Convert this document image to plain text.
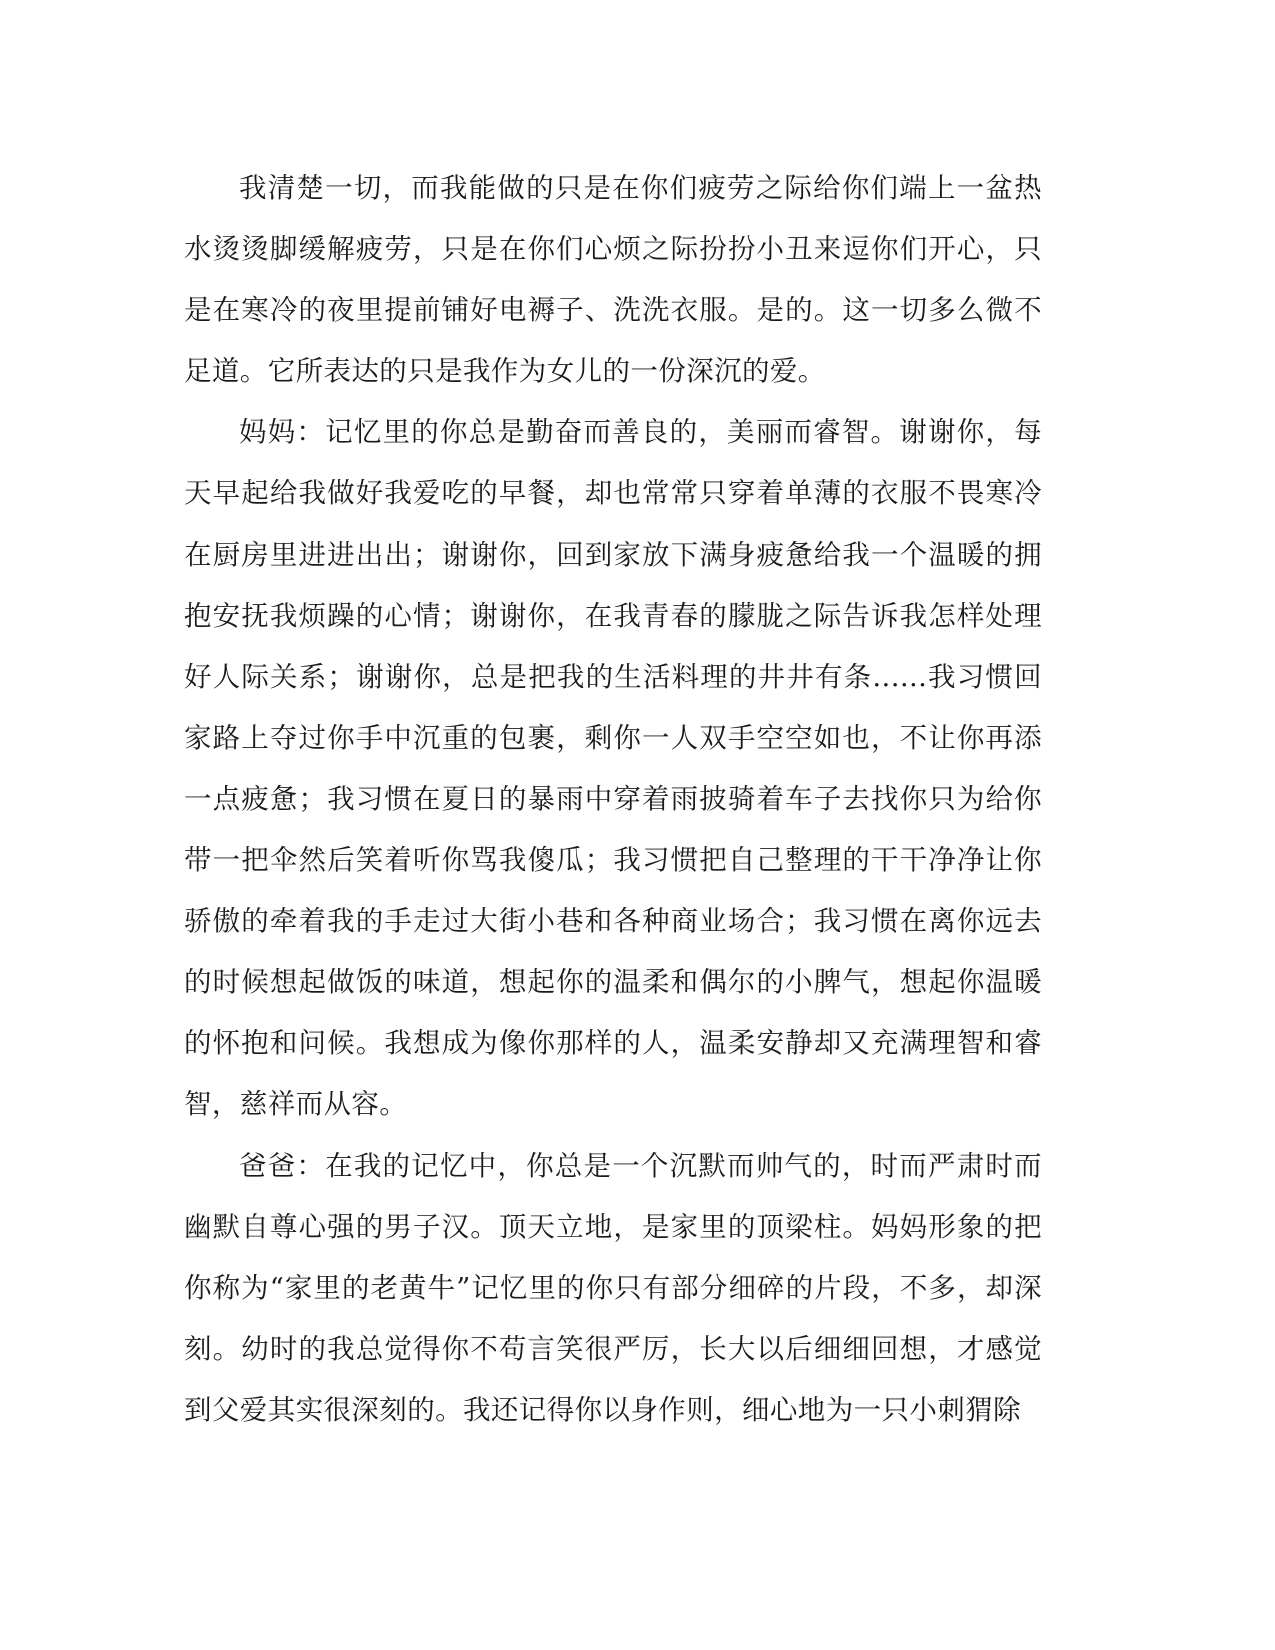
我清楚一切，而我能做的只是在你们疲劳之际给你们端上一盆热水烫烫脚缓解疲劳，只是在你们心烦之际扮扮小丑来逗你们开心，只是在寒冷的夜里提前铺好电褥子、洗洗衣服。是的。这一切多么微不足道。它所表达的只是我作为女儿的一份深沉的爱。

妈妈：记忆里的你总是勤奋而善良的，美丽而睿智。谢谢你，每天早起给我做好我爱吃的早餐，却也常常只穿着单薄的衣服不畏寒冷在厨房里进进出出；谢谢你，回到家放下满身疲惫给我一个温暖的拥抱安抚我烦躁的心情；谢谢你，在我青春的朦胧之际告诉我怎样处理好人际关系；谢谢你，总是把我的生活料理的井井有条......我习惯回家路上夺过你手中沉重的包裹，剩你一人双手空空如也，不让你再添一点疲惫；我习惯在夏日的暴雨中穿着雨披骑着车子去找你只为给你带一把伞然后笑着听你骂我傻瓜；我习惯把自己整理的干干净净让你骄傲的牵着我的手走过大街小巷和各种商业场合；我习惯在离你远去的时候想起做饭的味道，想起你的温柔和偶尔的小脾气，想起你温暖的怀抱和问候。我想成为像你那样的人，温柔安静却又充满理智和睿智，慈祥而从容。

爸爸：在我的记忆中，你总是一个沉默而帅气的，时而严肃时而幽默自尊心强的男子汉。顶天立地，是家里的顶梁柱。妈妈形象的把你称为“家里的老黄牛”记忆里的你只有部分细碎的片段，不多，却深刻。幼时的我总觉得你不苟言笑很严厉，长大以后细细回想，才感觉到父爱其实很深刻的。我还记得你以身作则，细心地为一只小刺猬除
